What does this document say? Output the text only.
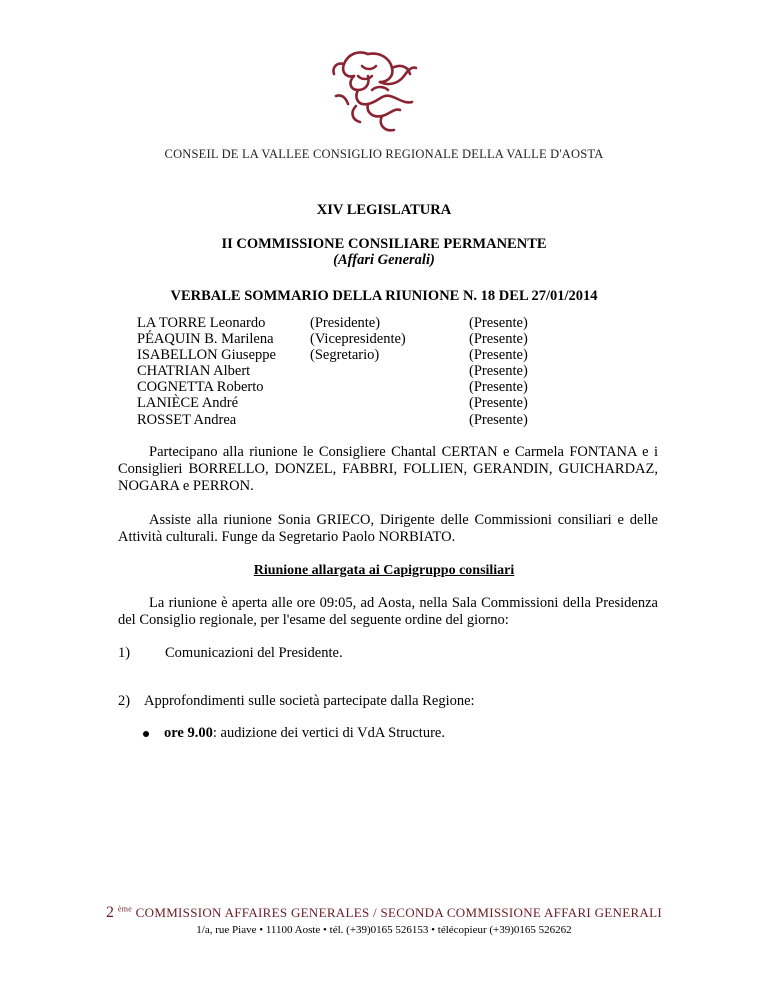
CONSEIL DE LA VALLEE CONSIGLIO REGIONALE DELLA VALLE D'AOSTA
XIV LEGISLATURA
II COMMISSIONE CONSILIARE PERMANENTE
(Affari Generali)
VERBALE SOMMARIO DELLA RIUNIONE N. 18 DEL 27/01/2014
LA TORRE Leonardo
PÉAQUIN B. Marilena
ISABELLON Giuseppe
CHATRIAN Albert
COGNETTA Roberto
LANIÈCE André
ROSSET Andrea
(Presidente)
(Vicepresidente)
(Segretario)
(Presente)
(Presente)
(Presente)
(Presente)
(Presente)
(Presente)
(Presente)
Partecipano alla riunione le Consigliere Chantal CERTAN e Carmela FONTANA e i Consiglieri BORRELLO, DONZEL, FABBRI, FOLLIEN, GERANDIN, GUICHARDAZ, NOGARA e PERRON.
Assiste alla riunione Sonia GRIECO, Dirigente delle Commissioni consiliari e delle Attività culturali. Funge da Segretario Paolo NORBIATO.
Riunione allargata ai Capigruppo consiliari
La riunione è aperta alle ore 09:05, ad Aosta, nella Sala Commissioni della Presidenza del Consiglio regionale, per l'esame del seguente ordine del giorno:
1) Comunicazioni del Presidente.
2) Approfondimenti sulle società partecipate dalla Regione:
ore 9.00: audizione dei vertici di VdA Structure.
2 $^{ème}$ COMMISSION AFFAIRES GENERALES / SECONDA COMMISSIONE AFFARI GENERALI
1/a, rue Piave • 11100 Aoste • tél. (+39)0165 526153 • télécopieur (+39)0165 526262
